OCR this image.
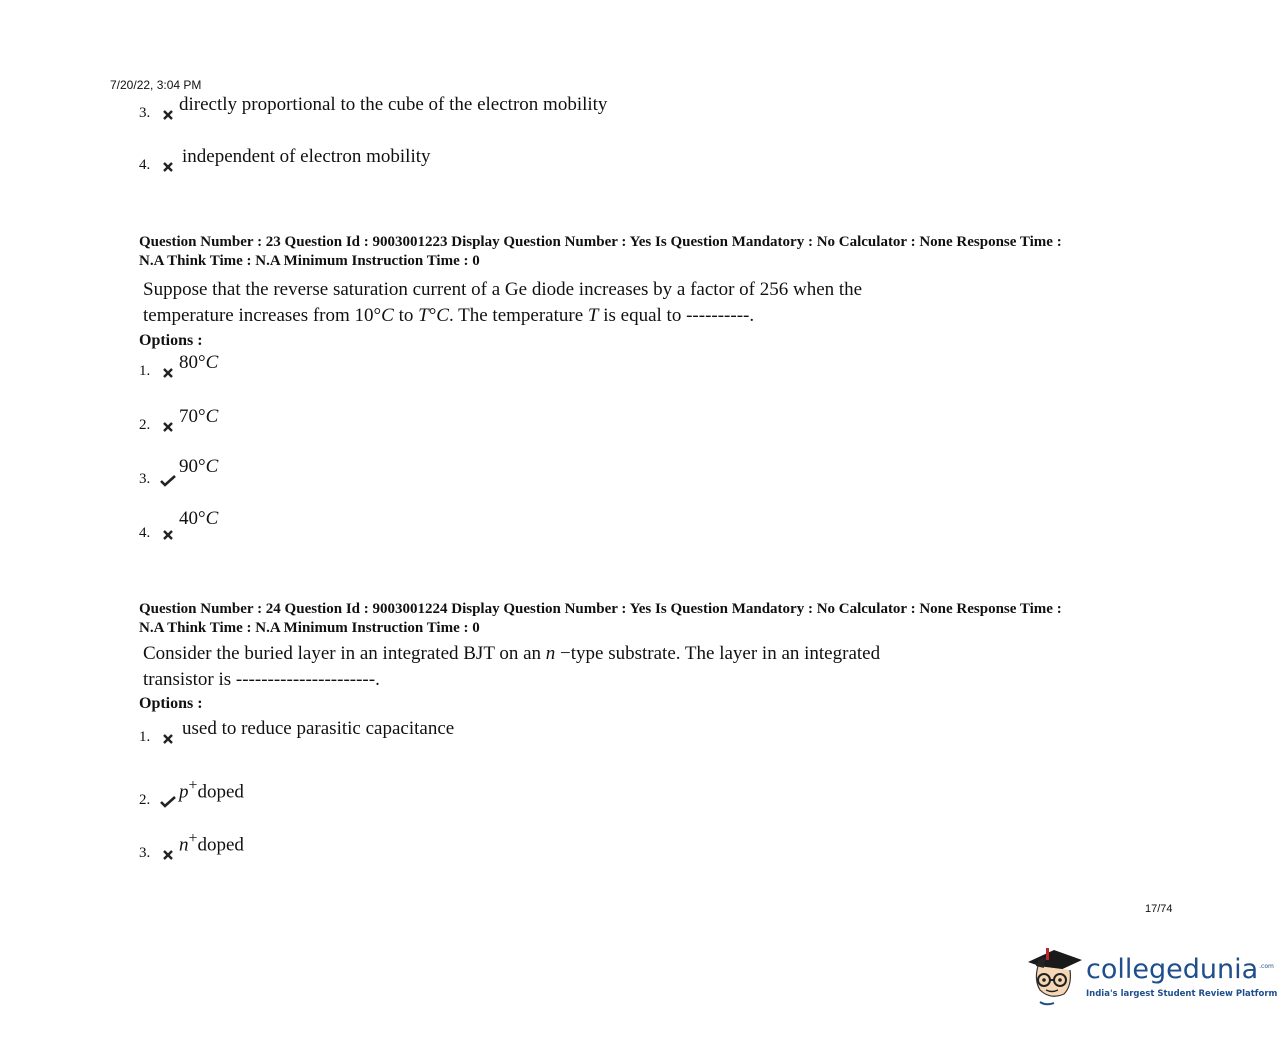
7/20/22, 3:04 PM
3.	directly proportional to the cube of the electron mobility
4.	independent of electron mobility
Question Number : 23 Question Id : 9003001223 Display Question Number : Yes Is Question Mandatory : No Calculator : None Response Time :
N.A Think Time : N.A Minimum Instruction Time : 0
Suppose that the reverse saturation current of a Ge diode increases by a factor of 256 when the
temperature increases from 10°C to T°C. The temperature T is equal to ----------.
Options :
1.	80°C
2.	70°C
3.
90°C
4.
40°C
Question Number : 24 Question Id : 9003001224 Display Question Number : Yes Is Question Mandatory : No Calculator : None Response Time :
N.A Think Time : N.A Minimum Instruction Time : 0
Consider the buried layer in an integrated BJT on an n −type substrate. The layer in an integrated
transistor is ----------------------.
Options :
1.	used to reduce parasitic capacitance
2.	p+doped
3.	n+doped
17/74
collegedunia$^{.com}$
India's largest Student Review Platform
